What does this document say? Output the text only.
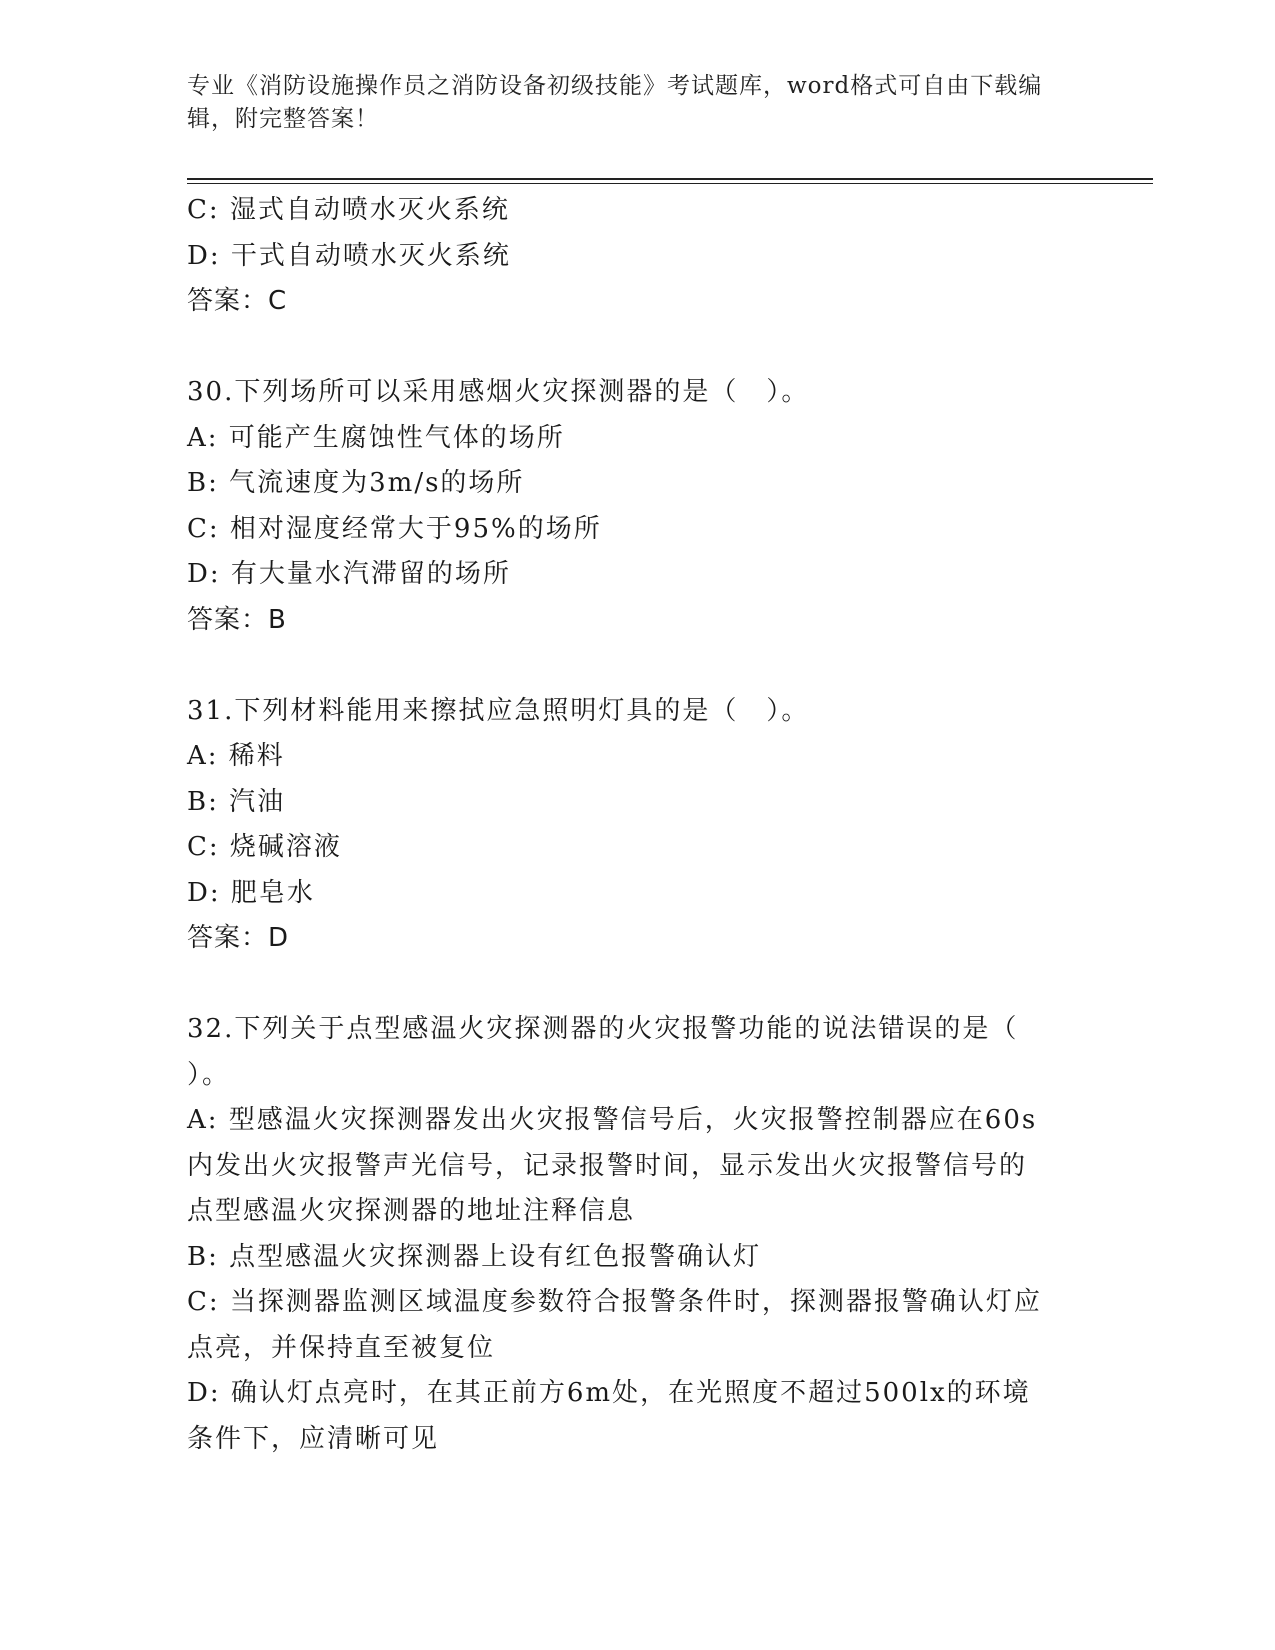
专业《消防设施操作员之消防设备初级技能》考试题库，word格式可自由下载编
辑，附完整答案！
C: 湿式自动喷水灭火系统
D: 干式自动喷水灭火系统
答案：C
30.下列场所可以采用感烟火灾探测器的是（　）。
A: 可能产生腐蚀性气体的场所
B: 气流速度为3m/s的场所
C: 相对湿度经常大于95%的场所
D: 有大量水汽滞留的场所
答案：B
31.下列材料能用来擦拭应急照明灯具的是（　）。
A: 稀料
B: 汽油
C: 烧碱溶液
D: 肥皂水
答案：D
32.下列关于点型感温火灾探测器的火灾报警功能的说法错误的是（
）。
A: 型感温火灾探测器发出火灾报警信号后，火灾报警控制器应在60s
内发出火灾报警声光信号，记录报警时间，显示发出火灾报警信号的
点型感温火灾探测器的地址注释信息
B: 点型感温火灾探测器上设有红色报警确认灯
C: 当探测器监测区域温度参数符合报警条件时，探测器报警确认灯应
点亮，并保持直至被复位
D: 确认灯点亮时，在其正前方6m处，在光照度不超过500lx的环境
条件下，应清晰可见
